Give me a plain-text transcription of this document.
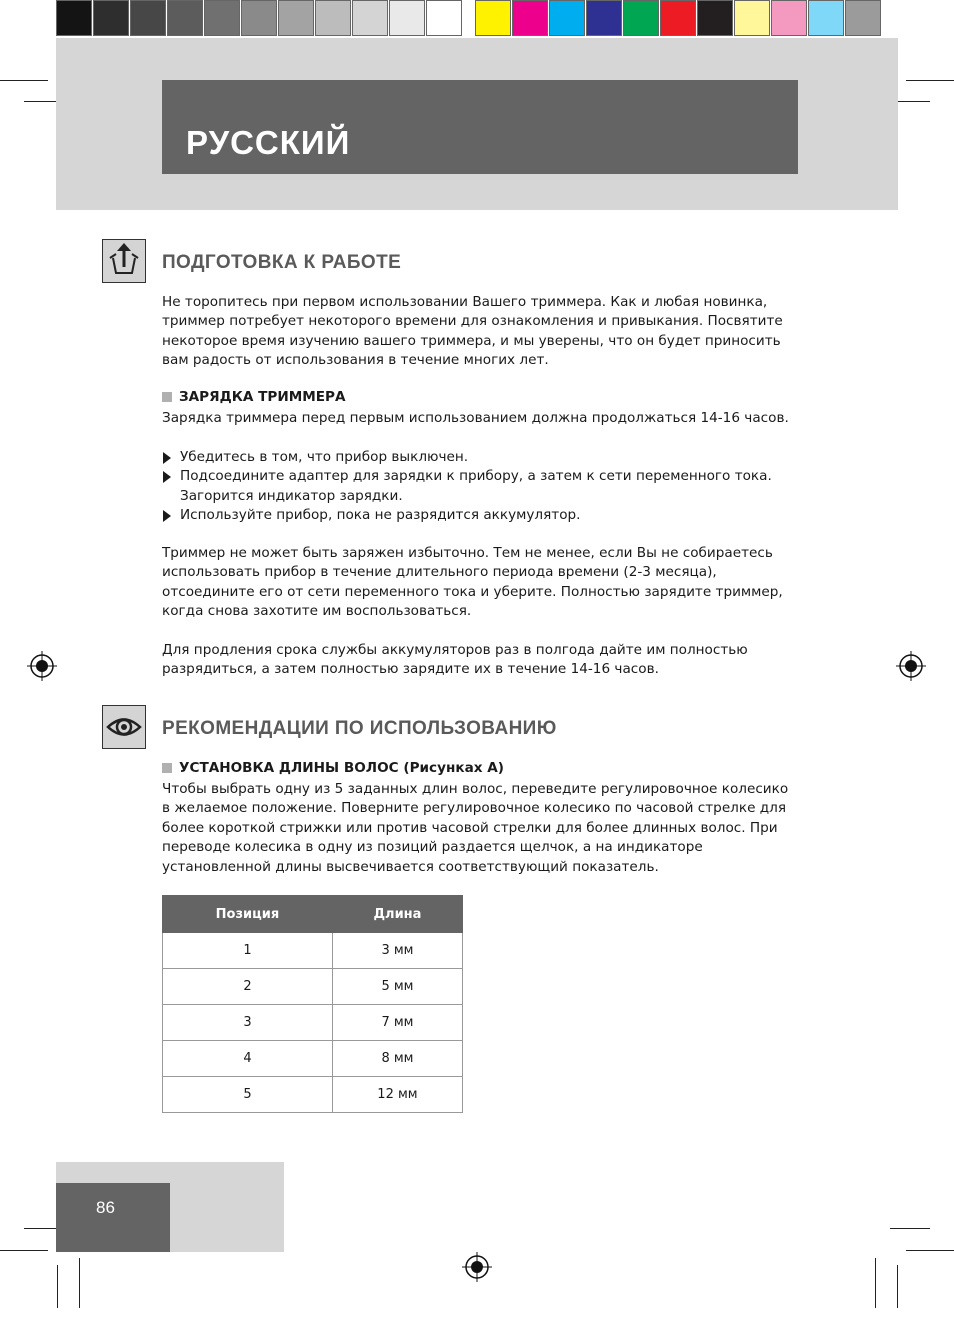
РУССКИЙ
ПОДГОТОВКА К РАБОТЕ

Не торопитесь при первом использовании Вашего триммера. Как и любая новинка, триммер потребует некоторого времени для ознакомления и привыкания. Посвятите некоторое время изучению вашего триммера, и мы уверены, что он будет приносить вам радость от использования в течение многих лет.

ЗАРЯДКА ТРИММЕРА

Зарядка триммера перед первым использованием должна продолжаться 14-16 часов.

Убедитесь в том, что прибор выключен.
Подсоедините адаптер для зарядки к прибору, а затем к сети переменного тока. Загорится индикатор зарядки.
Используйте прибор, пока не разрядится аккумулятор.

Триммер не может быть заряжен избыточно. Тем не менее, если Вы не собираетесь использовать прибор в течение длительного периода времени (2-3 месяца), отсоедините его от сети переменного тока и уберите. Полностью зарядите триммер, когда снова захотите им воспользоваться.

Для продления срока службы аккумуляторов раз в полгода дайте им полностью разрядиться, а затем полностью зарядите их в течение 14-16 часов.

РЕКОМЕНДАЦИИ ПО ИСПОЛЬЗОВАНИЮ
УСТАНОВКА ДЛИНЫ ВОЛОС
(Рисунках A)

Чтобы выбрать одну из 5 заданных длин волос, переведите регулировочное колесико в желаемое положение. Поверните регулировочное колесико по часовой стрелке для более короткой стрижки или против часовой стрелки для более длинных волос. При переводе колесика в одну из позиций раздается щелчок, а на индикаторе установленной длины высвечивается соответствующий показатель.

Позиция	Длина
1	3 мм
2	5 мм
3	7 мм
4	8 мм
5	12 мм

86
